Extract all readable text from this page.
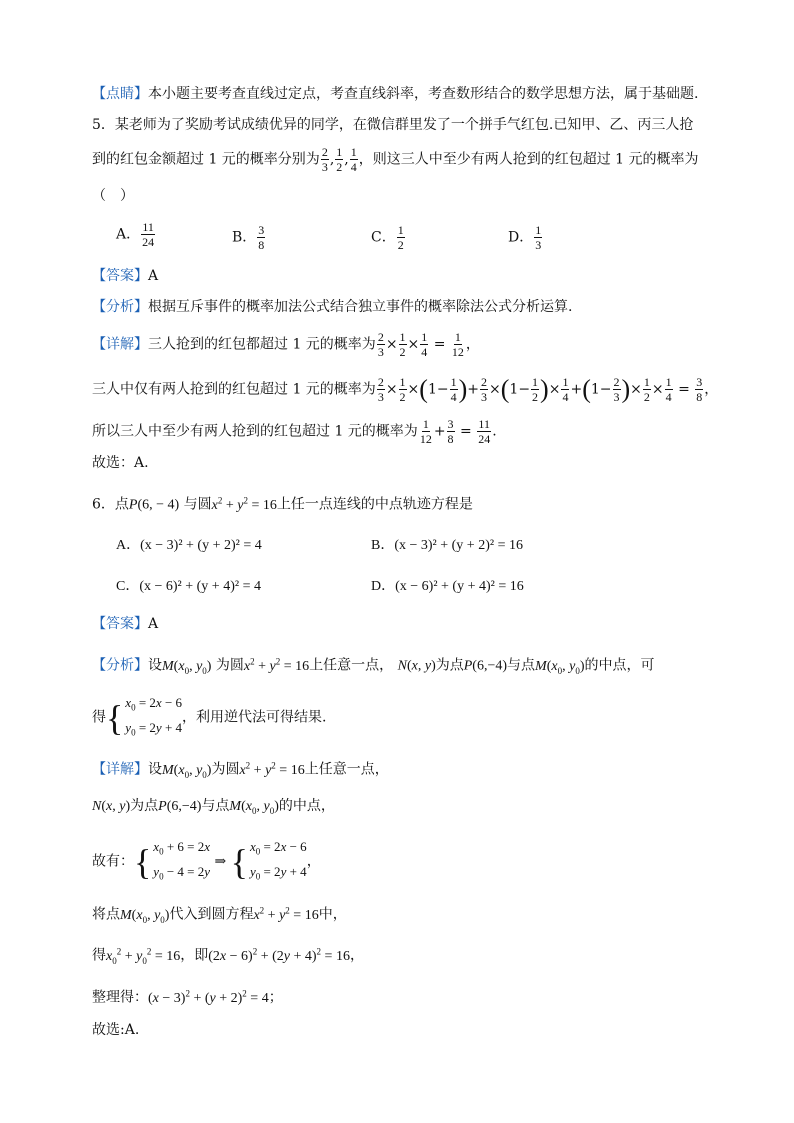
【点睛】本小题主要考查直线过定点，考查直线斜率，考查数形结合的数学思想方法，属于基础题.
5．某老师为了奖励考试成绩优异的同学，在微信群里发了一个拼手气红包.已知甲、乙、丙三人抢
到的红包金额超过 1 元的概率分别为 $\frac{2}{3}$ , $\frac{1}{2}$ , $\frac{1}{4}$ ，则这三人中至少有两人抢到的红包超过 1 元的概率为
（　）
A． $\frac{11}{24}$	B． $\frac{3}{8}$	C． $\frac{1}{2}$	D． $\frac{1}{3}$
【答案】A
【分析】根据互斥事件的概率加法公式结合独立事件的概率除法公式分析运算.
【详解】三人抢到的红包都超过 1 元的概率为 $\frac{2}{3} \times \frac{1}{2} \times \frac{1}{4} = \frac{1}{12}$ ，
三人中仅有两人抢到的红包超过 1 元的概率为 $\frac{2}{3} \times \frac{1}{2} \times(1- \frac{1}{4}$ )+ $\frac{2}{3} \times(1- \frac{1}{2}$ )× $\frac{1}{4} +(1- \frac{2}{3}$ )× $\frac{1}{2} \times \frac{1}{4} = \frac{3}{8}$ ，
所以三人中至少有两人抢到的红包超过 1 元的概率为 $\frac{1}{12} + \frac{3}{8} = \frac{11}{24}$ .
故选：A.
6．点P(6, − 4) 与圆$x^2 + y^2 = 16$上任一点连线的中点轨迹方程是
A．(x − 3)² + (y + 2)² = 4	B．(x − 3)² + (y + 2)² = 16
C．(x − 6)² + (y + 4)² = 4	D．(x − 6)² + (y + 4)² = 16
【答案】A
【分析】设$M(x_0$, $y_0$) 为圆$x^2 + y^2 = 16$上任意一点， N(x, y)为点P(6,−4)与点$M(x_0$, $y_0$)的中点，可
得 { $x_0 = 2x - 6$
$y_0 = 2y + 4$
，利用逆代法可得结果.
【详解】设$M(x_0$, $y_0$)为圆$x^2 + y^2 = 16$上任意一点，
N(x, y)为点P(6,−4)与点$M(x_0$, $y_0$)的中点，
故有： { $x_0 + 6 = 2x$
$y_0 - 4 = 2y$
⇒ { $x_0 = 2x - 6$
$y_0 = 2y + 4$
，
将点$M(x_0$, $y_0$)代入到圆方程$x^2 + y^2 = 16$中，
得$x_0^2 + y_0^2 = 16$，即$(2x - 6)^2 + (2y + 4)^2 = 16$，
整理得：$(x - 3)^2 + (y + 2)^2 = 4$；
故选:A.
